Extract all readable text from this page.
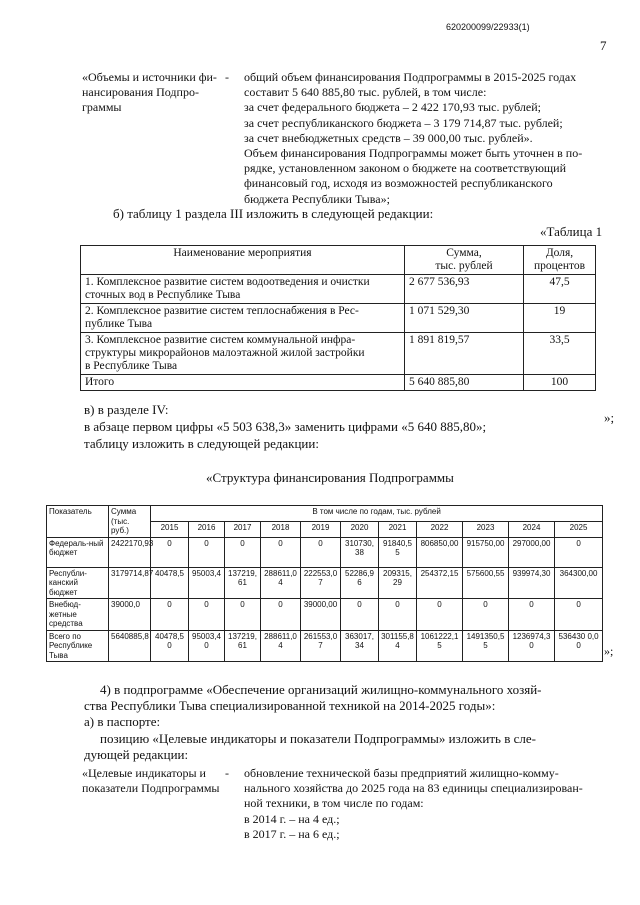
620200099/22933(1)
7
«Объемы и источники фи-
нансирования Подпро-
граммы
- общий объем финансирования Подпрограммы в 2015-2025 годах
составит 5 640 885,80 тыс. рублей, в том числе:
за счет федерального бюджета – 2 422 170,93 тыс. рублей;
за счет республиканского бюджета – 3 179 714,87 тыс. рублей;
за счет внебюджетных средств – 39 000,00 тыс. рублей».
Объем финансирования Подпрограммы может быть уточнен в по-
рядке, установленном законом о бюджете на соответствующий
финансовый год, исходя из возможностей республиканского
бюджета Республики Тыва»;
б) таблицу 1 раздела III изложить в следующей редакции:
«Таблица 1
Наименование мероприятия	Сумма,
тыс. рублей	Доля,
процентов
1. Комплексное развитие систем водоотведения и очистки
сточных вод в Республике Тыва	2 677 536,93	47,5
2. Комплексное развитие систем теплоснабжения в Рес-
публике Тыва	1 071 529,30	19
3. Комплексное развитие систем коммунальной инфра-
структуры микрорайонов малоэтажной жилой застройки
в Республике Тыва	1 891 819,57	33,5
Итого	5 640 885,80	100
»;
в) в разделе IV:
в абзаце первом цифры «5 503 638,3» заменить цифрами «5 640 885,80»;
таблицу изложить в следующей редакции:
«Структура финансирования Подпрограммы
Показатель	Сумма (тыс. руб.)	В том числе по годам, тыс. рублей										
		2015	2016	2017	2018	2019	2020	2021	2022	2023	2024	2025
Федераль-ный бюджет	2422170,93	0	0	0	0	0	310730,38	91840,55	806850,00	915750,00	297000,00	0
Республи-канский бюджет	3179714,87	40478,5	95003,4	137219,61	288611,04	222553,07	52286,96	209315,29	254372,15	575600,55	939974,30	364300,00
Внебюд-жетные средства	39000,0	0	0	0	0	39000,00	0	0	0	0	0	0
Всего по Республике Тыва	5640885,8	40478,50	95003,40	137219,61	288611,04	261553,07	363017,34	301155,84	1061222,15	1491350,55	1236974,30	536430 0,00 »;
4) в подпрограмме «Обеспечение организаций жилищно-коммунального хозяй-
ства Республики Тыва специализированной техникой на 2014-2025 годы»:
а) в паспорте:
позицию «Целевые индикаторы и показатели Подпрограммы» изложить в сле-
дующей редакции:
«Целевые индикаторы и
показатели Подпрограммы
- обновление технической базы предприятий жилищно-комму-
нального хозяйства до 2025 года на 83 единицы специализирован-
ной техники, в том числе по годам:
в 2014 г. – на 4 ед.;
в 2017 г. – на 6 ед.;
